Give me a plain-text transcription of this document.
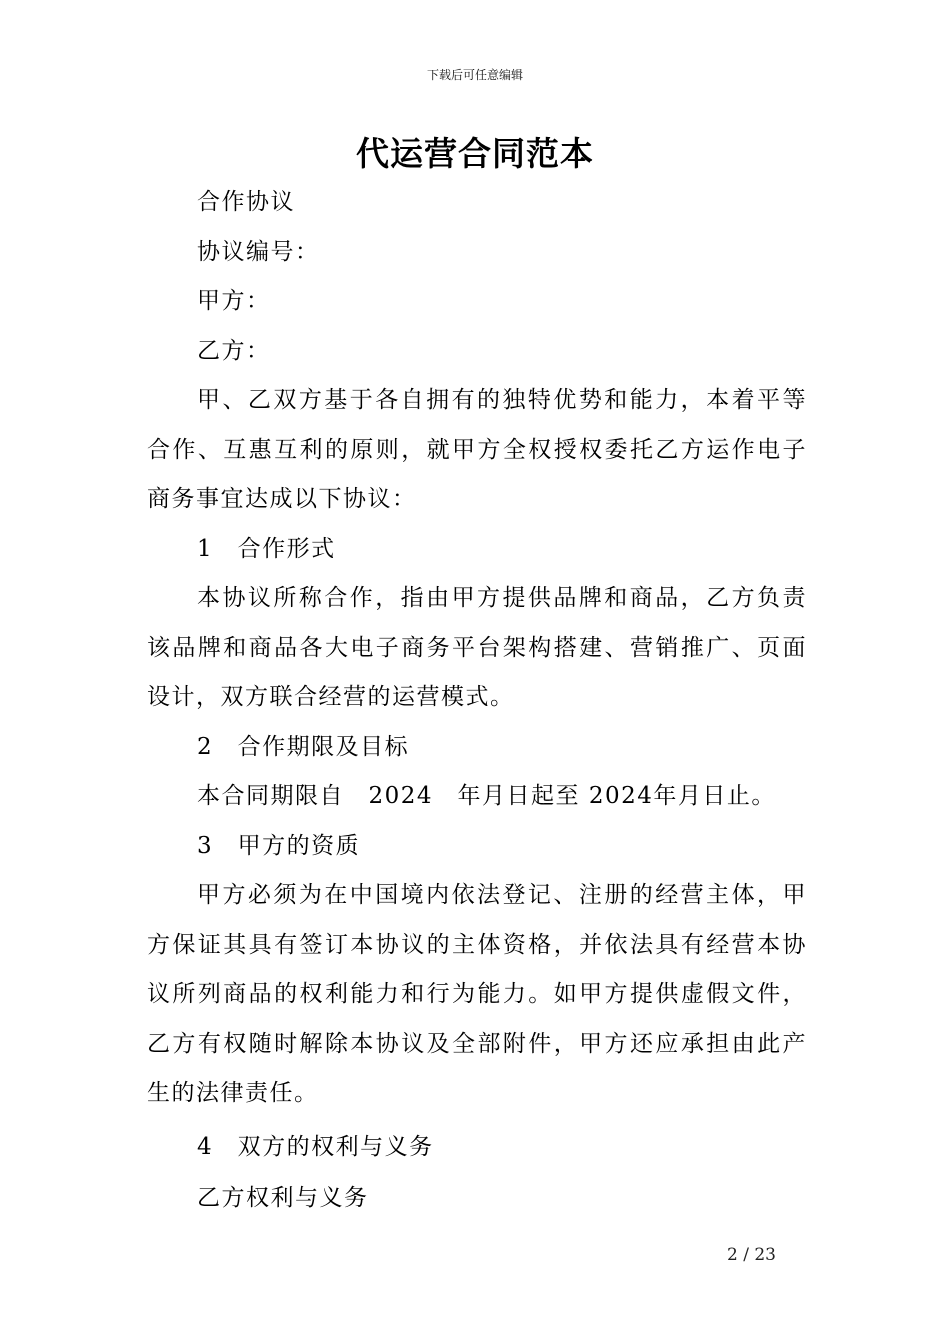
下载后可任意编辑
代运营合同范本

合作协议

协议编号：

甲方：

乙方：

甲、乙双方基于各自拥有的独特优势和能力，本着平等合作、互惠互利的原则，就甲方全权授权委托乙方运作电子商务事宜达成以下协议：

1　合作形式

本协议所称合作，指由甲方提供品牌和商品，乙方负责该品牌和商品各大电子商务平台架构搭建、营销推广、页面设计，双方联合经营的运营模式。

2　合作期限及目标

本合同期限自　2024　年月日起至 2024年月日止。

3　甲方的资质

甲方必须为在中国境内依法登记、注册的经营主体，甲方保证其具有签订本协议的主体资格，并依法具有经营本协议所列商品的权利能力和行为能力。如甲方提供虚假文件，乙方有权随时解除本协议及全部附件，甲方还应承担由此产生的法律责任。

4　双方的权利与义务

乙方权利与义务

2 / 23
